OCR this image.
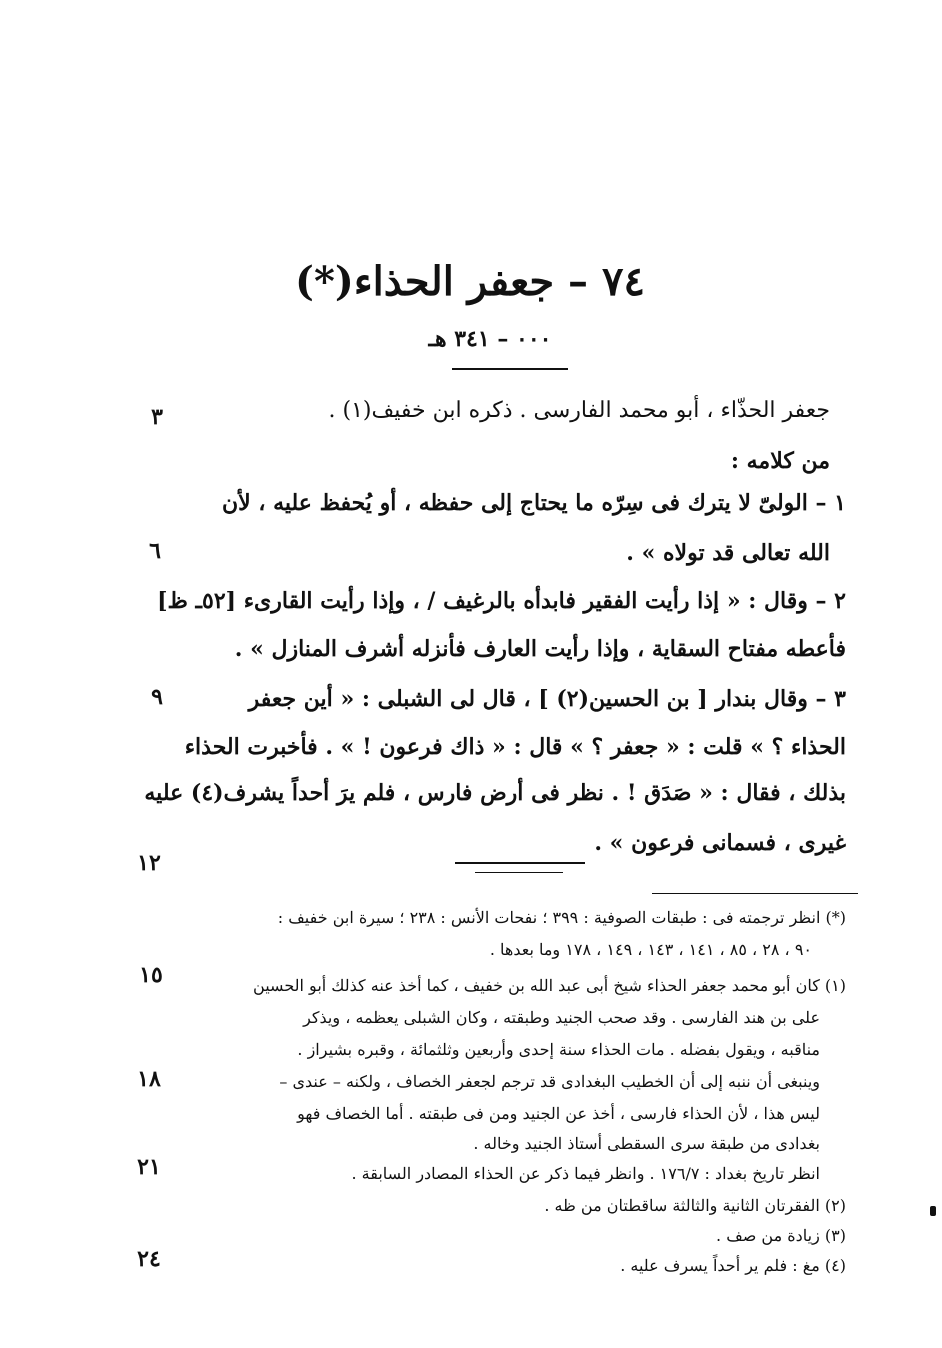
٧٤ – جعفر الحذاء(*)
٠٠٠ – ٣٤١ هـ
جعفر الحذّاء ، أبو محمد الفارسى . ذكره ابن خفيف(١) .
من كلامه :
١ – الولىّ لا يترك فى سِرّه ما يحتاج إلى حفظه ، أو يُحفظ عليه ، لأن
الله تعالى قد تولاه » .
٢ – وقال : « إذا رأيت الفقير فابدأه بالرغيف / ، وإذا رأيت القارىء [٥٢ـ ظ]
فأعطه مفتاح السقاية ، وإذا رأيت العارف فأنزله أشرف المنازل » .
٣ – وقال بندار [ بن الحسين(٢) ] ، قال لى الشبلى : « أين جعفر
الحذاء ؟ » قلت : « جعفر ؟ » قال : « ذاك فرعون ! » . فأخبرت الحذاء
بذلك ، فقال : « صَدَق ! . نظر فى أرض فارس ، فلم يرَ أحداً يشرف(٤) عليه
غيرى ، فسمانى فرعون » .
٣
٦
٩
١٢
١٥
١٨
٢١
٢٤
(*) انظر ترجمته فى : طبقات الصوفية : ٣٩٩ ؛ نفحات الأنس : ٢٣٨ ؛ سيرة ابن خفيف :
٩٠ ، ٢٨ ، ٨٥ ، ١٤١ ، ١٤٣ ، ١٤٩ ، ١٧٨ وما بعدها .
(١) كان أبو محمد جعفر الحذاء شيخ أبى عبد الله بن خفيف ، كما أخذ عنه كذلك أبو الحسين
على بن هند الفارسى . وقد صحب الجنيد وطبقته ، وكان الشبلى يعظمه ، ويذكر
مناقبه ، ويقول بفضله . مات الحذاء سنة إحدى وأربعين وثلثمائة ، وقبره بشيراز .
وينبغى أن ننبه إلى أن الخطيب البغدادى قد ترجم لجعفر الخصاف ، ولكنه – عندى –
ليس هذا ، لأن الحذاء فارسى ، أخذ عن الجنيد ومن فى طبقته . أما الخصاف فهو
بغدادى من طبقة سرى السقطى أستاذ الجنيد وخاله .
انظر تاريخ بغداد : ١٧٦/٧ . وانظر فيما ذكر عن الحذاء المصادر السابقة .
(٢) الفقرتان الثانية والثالثة ساقطتان من ظه .
(٣) زيادة من صف .
(٤) مغ : فلم ير أحداً يسرف عليه .
